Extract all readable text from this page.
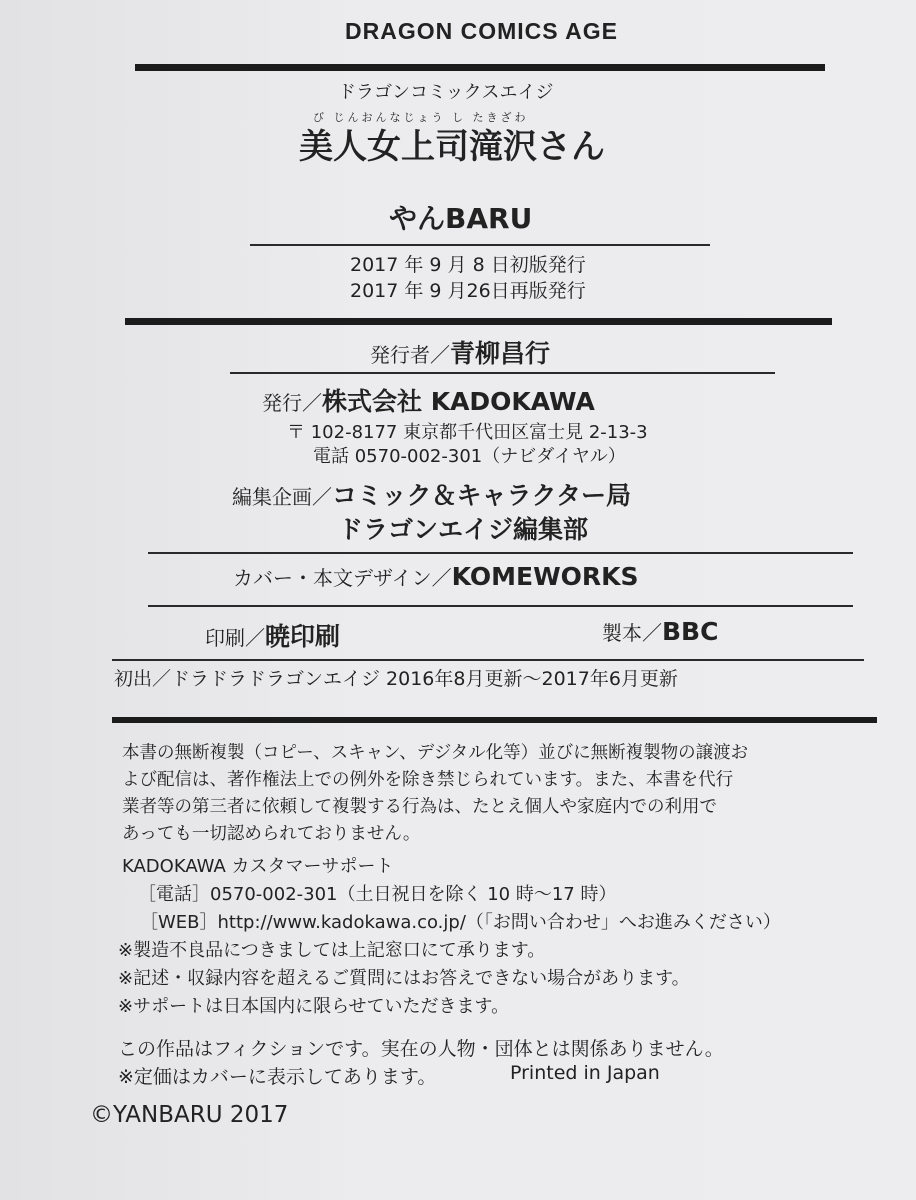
DRAGON COMICS AGE
ドラゴンコミックスエイジ
び じんおんなじょう し たきざわ
美人女上司滝沢さん
やんBARU
2017 年 9 月 8 日初版発行
2017 年 9 月26日再版発行
発行者／青柳昌行
発行／株式会社 KADOKAWA
〒 102-8177 東京都千代田区富士見 2-13-3
電話 0570-002-301（ナビダイヤル）
編集企画／コミック＆キャラクター局
ドラゴンエイジ編集部
カバー・本文デザイン／KOMEWORKS
印刷／暁印刷	製本／BBC
初出／ドラドラドラゴンエイジ 2016年8月更新〜2017年6月更新
本書の無断複製（コピー、スキャン、デジタル化等）並びに無断複製物の譲渡お
よび配信は、著作権法上での例外を除き禁じられています。また、本書を代行
業者等の第三者に依頼して複製する行為は、たとえ個人や家庭内での利用で
あっても一切認められておりません。
KADOKAWA カスタマーサポート
［電話］0570-002-301（土日祝日を除く 10 時〜17 時）
［WEB］http://www.kadokawa.co.jp/（「お問い合わせ」へお進みください）
※製造不良品につきましては上記窓口にて承ります。
※記述・収録内容を超えるご質問にはお答えできない場合があります。
※サポートは日本国内に限らせていただきます。
この作品はフィクションです。実在の人物・団体とは関係ありません。
※定価はカバーに表示してあります。	Printed in Japan
©YANBARU 2017
